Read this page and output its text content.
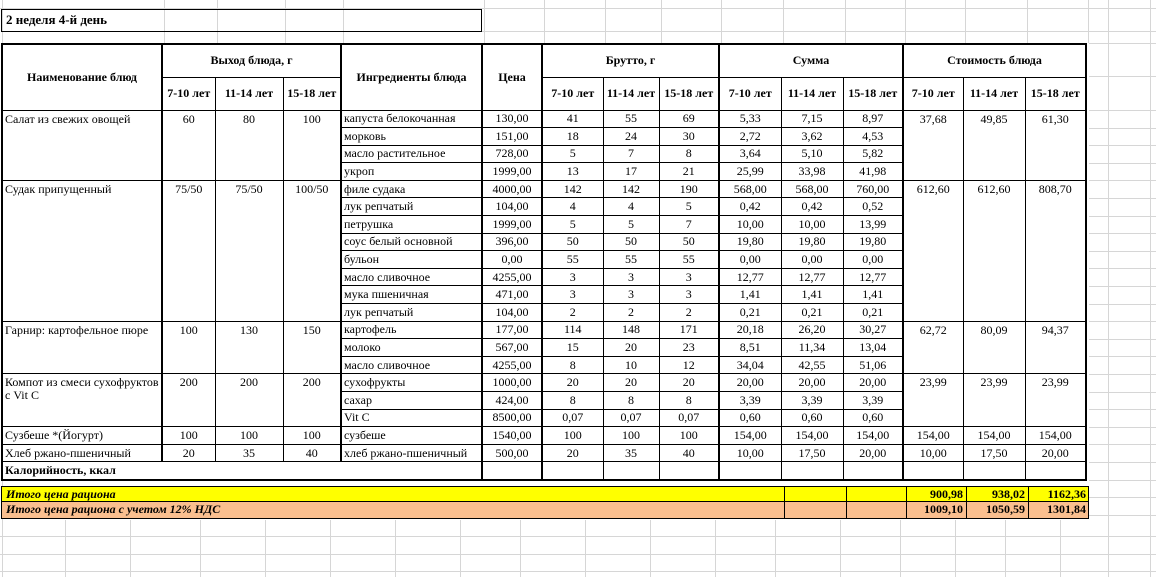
2 неделя 4-й день
Наименование блюд	Выход блюда, г			Ингредиенты блюда	Цена	Брутто, г			Сумма			Стоимость блюда		
	7-10 лет	11-14 лет	15-18 лет			7-10 лет	11-14 лет	15-18 лет	7-10 лет	11-14 лет	15-18 лет	7-10 лет	11-14 лет	15-18 лет
Салат из свежих овощей	60	80	100	капуста белокочанная	130,00	41	55	69	5,33	7,15	8,97	37,68	49,85	61,30
				морковь	151,00	18	24	30	2,72	3,62	4,53			
				масло растительное	728,00	5	7	8	3,64	5,10	5,82			
				укроп	1999,00	13	17	21	25,99	33,98	41,98			
Судак припущенный	75/50	75/50	100/50	филе судака	4000,00	142	142	190	568,00	568,00	760,00	612,60	612,60	808,70
				лук репчатый	104,00	4	4	5	0,42	0,42	0,52			
				петрушка	1999,00	5	5	7	10,00	10,00	13,99			
				соус белый основной	396,00	50	50	50	19,80	19,80	19,80			
				бульон	0,00	55	55	55	0,00	0,00	0,00			
				масло сливочное	4255,00	3	3	3	12,77	12,77	12,77			
				мука пшеничная	471,00	3	3	3	1,41	1,41	1,41			
				лук репчатый	104,00	2	2	2	0,21	0,21	0,21			
Гарнир: картофельное пюре	100	130	150	картофель	177,00	114	148	171	20,18	26,20	30,27	62,72	80,09	94,37
				молоко	567,00	15	20	23	8,51	11,34	13,04			
				масло сливочное	4255,00	8	10	12	34,04	42,55	51,06			
Компот из смеси сухофруктов с Vit C	200	200	200	сухофрукты	1000,00	20	20	20	20,00	20,00	20,00	23,99	23,99	23,99
				сахар	424,00	8	8	8	3,39	3,39	3,39			
				Vit C	8500,00	0,07	0,07	0,07	0,60	0,60	0,60			
Сузбеше *(Йогурт)	100	100	100	сузбеше	1540,00	100	100	100	154,00	154,00	154,00	154,00	154,00	154,00
Хлеб ржано-пшеничный	20	35	40	хлеб ржано-пшеничный	500,00	20	35	40	10,00	17,50	20,00	10,00	17,50	20,00
Калорийность, ккал														
Итого цена рациона	900,98	938,02	1162,36
Итого цена рациона с учетом 12% НДС	1009,10	1050,59	1301,84
